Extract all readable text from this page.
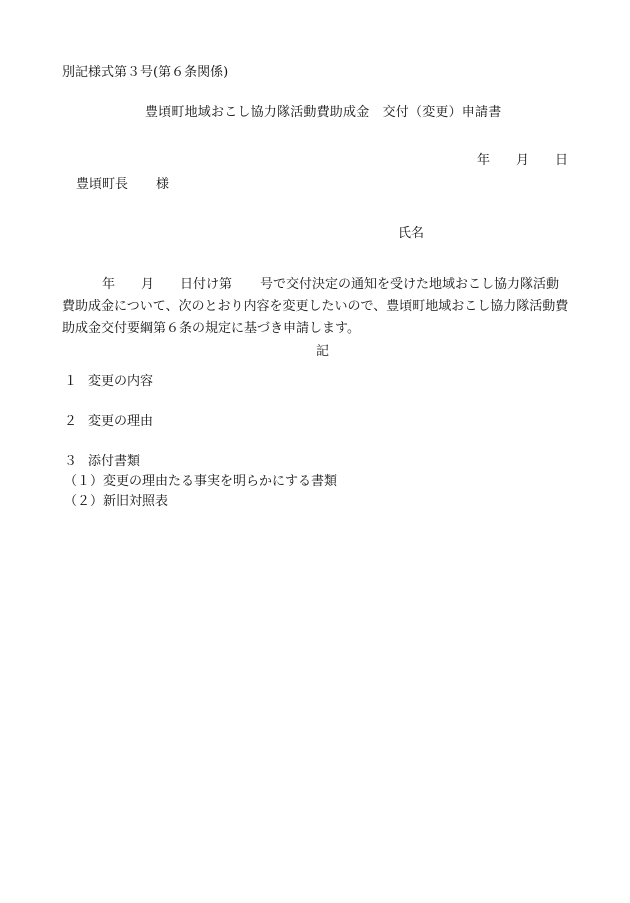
別記様式第３号(第６条関係)
豊頃町地域おこし協力隊活動費助成金　交付（変更）申請書
年 月 日
豊頃町長 様
氏名
年 月 日付け第 号で交付決定の通知を受けた地域おこし協力隊活動
費助成金について、次のとおり内容を変更したいので、豊頃町地域おこし協力隊活動費
助成金交付要綱第６条の規定に基づき申請します。
記
１ 変更の内容
２ 変更の理由
３ 添付書類
（１）変更の理由たる事実を明らかにする書類
（２）新旧対照表
